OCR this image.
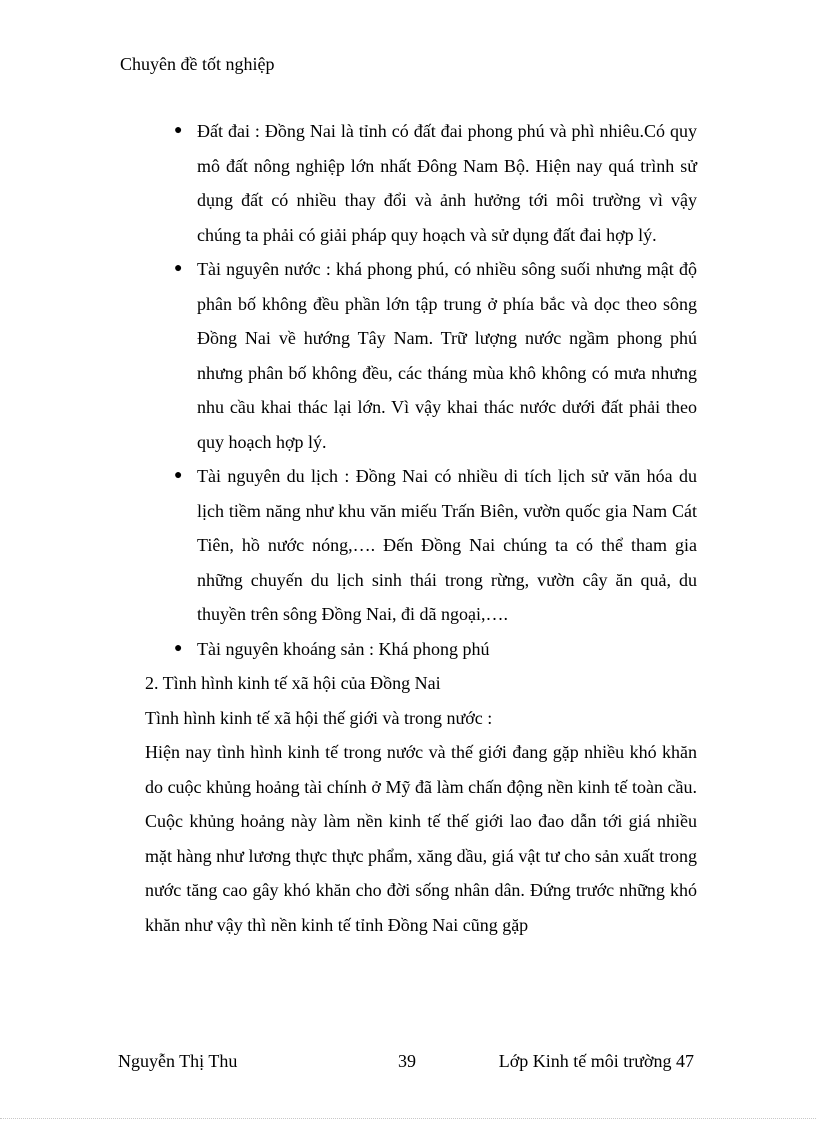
Chuyên đề tốt nghiệp
● Đất đai : Đồng Nai là tỉnh có đất đai phong phú và phì nhiêu.Có quy mô đất nông nghiệp lớn nhất Đông Nam Bộ. Hiện nay quá trình sử dụng đất có nhiều thay đổi và ảnh hưởng tới môi trường vì vậy chúng ta phải có giải pháp quy hoạch và sử dụng đất đai hợp lý.
● Tài nguyên nước : khá phong phú, có nhiều sông suối nhưng mật độ phân bố không đều phần lớn tập trung ở phía bắc và dọc theo sông Đồng Nai về hướng Tây Nam. Trữ lượng nước ngầm phong phú nhưng phân bố không đều, các tháng mùa khô không có mưa nhưng nhu cầu khai thác lại lớn. Vì vậy khai thác nước dưới đất phải theo quy hoạch hợp lý.
● Tài nguyên du lịch : Đồng Nai có nhiều di tích lịch sử văn hóa du lịch tiềm năng như khu văn miếu Trấn Biên, vườn quốc gia Nam Cát Tiên, hồ nước nóng,…. Đến Đồng Nai chúng ta có thể tham gia những chuyến du lịch sinh thái trong rừng, vườn cây ăn quả, du thuyền trên sông Đồng Nai, đi dã ngoại,….
● Tài nguyên khoáng sản : Khá phong phú

2. Tình hình kinh tế xã hội của Đồng Nai

Tình hình kinh tế xã hội thế giới và trong nước :

Hiện nay tình hình kinh tế trong nước và thế giới đang gặp nhiều khó khăn do cuộc khủng hoảng tài chính ở Mỹ đã làm chấn động nền kinh tế toàn cầu. Cuộc khủng hoảng này làm nền kinh tế thế giới lao đao dẫn tới giá nhiều mặt hàng như lương thực thực phẩm, xăng dầu, giá vật tư cho sản xuất trong nước tăng cao gây khó khăn cho đời sống nhân dân. Đứng trước những khó khăn như vậy thì nền kinh tế tỉnh Đồng Nai cũng gặp

Nguyễn Thị Thu	39	Lớp Kinh tế môi trường 47
